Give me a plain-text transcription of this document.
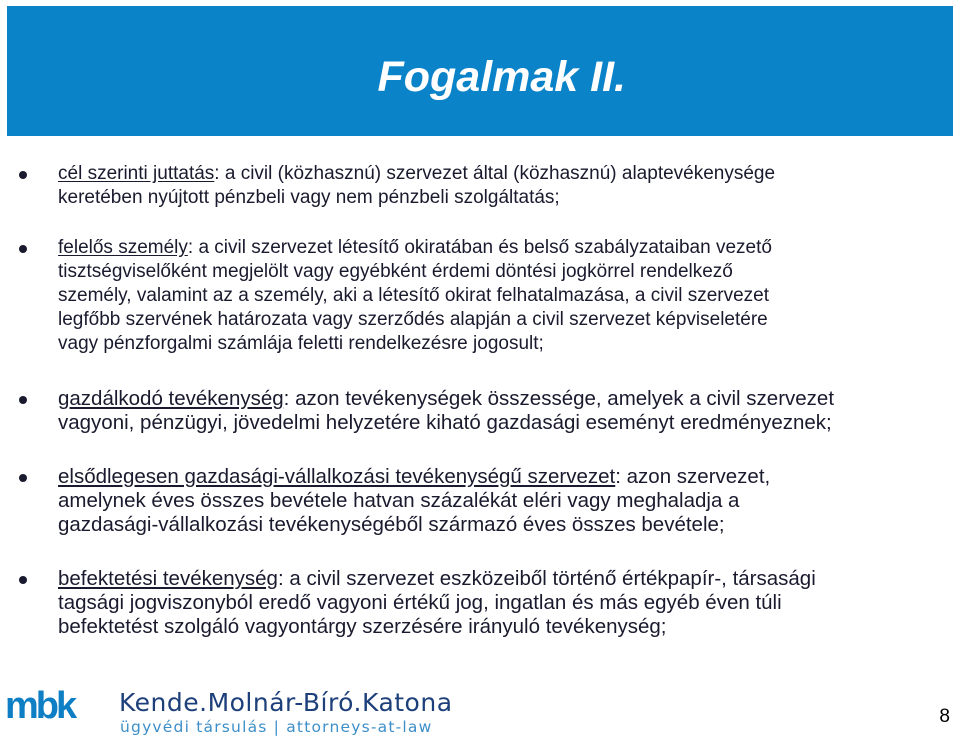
Fogalmak II.
cél szerinti juttatás: a civil (közhasznú) szervezet által (közhasznú) alaptevékenysége
keretében nyújtott pénzbeli vagy nem pénzbeli szolgáltatás;
felelős személy: a civil szervezet létesítő okiratában és belső szabályzataiban vezető
tisztségviselőként megjelölt vagy egyébként érdemi döntési jogkörrel rendelkező
személy, valamint az a személy, aki a létesítő okirat felhatalmazása, a civil szervezet
legfőbb szervének határozata vagy szerződés alapján a civil szervezet képviseletére
vagy pénzforgalmi számlája feletti rendelkezésre jogosult;
gazdálkodó tevékenység: azon tevékenységek összessége, amelyek a civil szervezet
vagyoni, pénzügyi, jövedelmi helyzetére kiható gazdasági eseményt eredményeznek;
elsődlegesen gazdasági-vállalkozási tevékenységű szervezet: azon szervezet,
amelynek éves összes bevétele hatvan százalékát eléri vagy meghaladja a
gazdasági-vállalkozási tevékenységéből származó éves összes bevétele;
befektetési tevékenység: a civil szervezet eszközeiből történő értékpapír-, társasági
tagsági jogviszonyból eredő vagyoni értékű jog, ingatlan és más egyéb éven túli
befektetést szolgáló vagyontárgy szerzésére irányuló tevékenység;
mbk Kende.Molnár-Bíró.Katona
ügyvédi társulás | attorneys-at-law	8
